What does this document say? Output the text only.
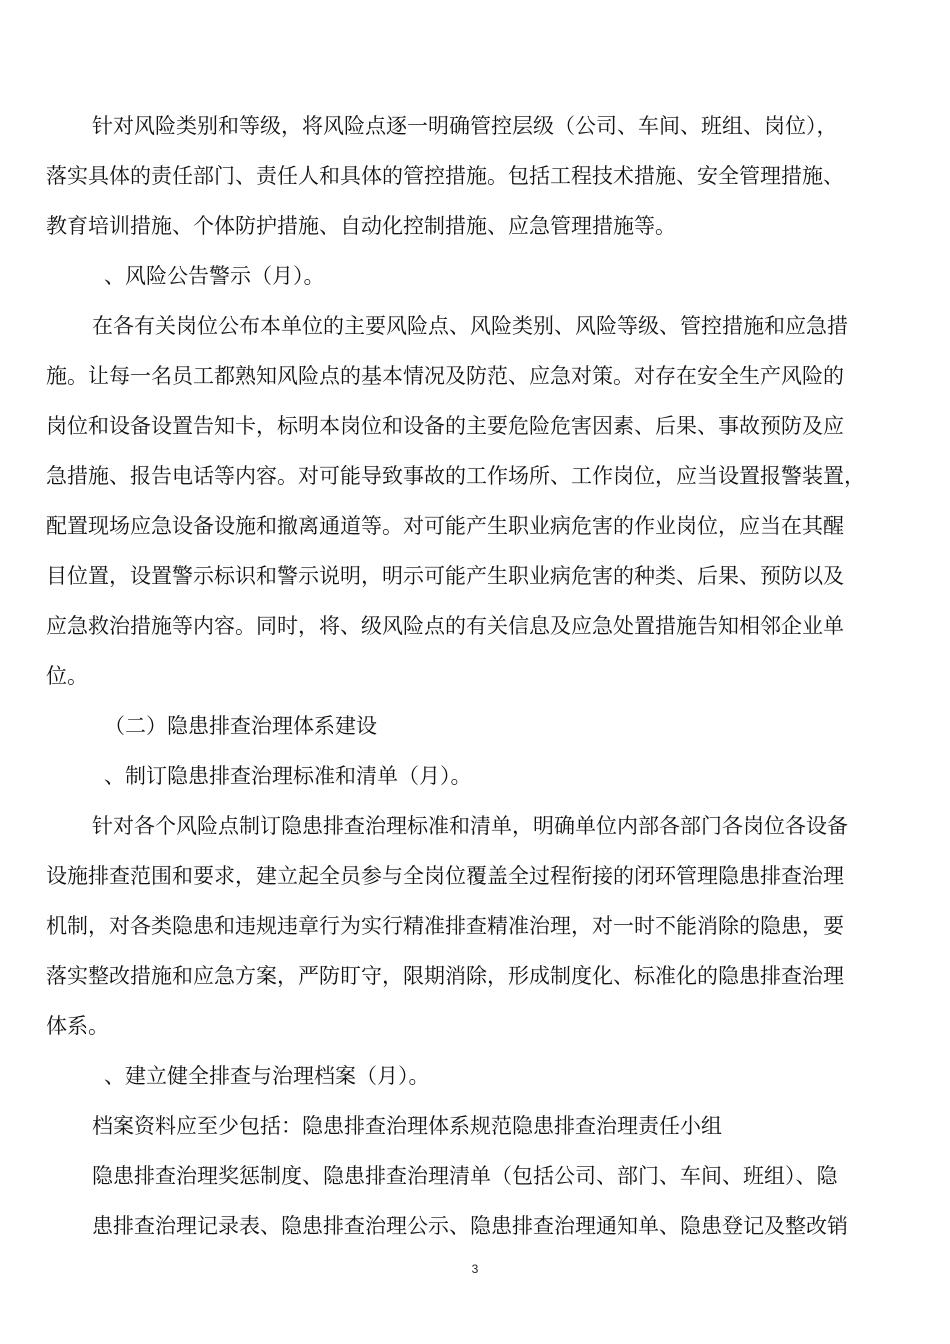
针对风险类别和等级，将风险点逐一明确管控层级（公司、车间、班组、岗位），
落实具体的责任部门、责任人和具体的管控措施。包括工程技术措施、安全管理措施、
教育培训措施、个体防护措施、自动化控制措施、应急管理措施等。
、风险公告警示（月）。
在各有关岗位公布本单位的主要风险点、风险类别、风险等级、管控措施和应急措
施。让每一名员工都熟知风险点的基本情况及防范、应急对策。对存在安全生产风险的
岗位和设备设置告知卡，标明本岗位和设备的主要危险危害因素、后果、事故预防及应
急措施、报告电话等内容。对可能导致事故的工作场所、工作岗位，应当设置报警装置，
配置现场应急设备设施和撤离通道等。对可能产生职业病危害的作业岗位，应当在其醒
目位置，设置警示标识和警示说明，明示可能产生职业病危害的种类、后果、预防以及
应急救治措施等内容。同时，将、级风险点的有关信息及应急处置措施告知相邻企业单
位。
（二）隐患排查治理体系建设
、制订隐患排查治理标准和清单（月）。
针对各个风险点制订隐患排查治理标准和清单，明确单位内部各部门各岗位各设备
设施排查范围和要求，建立起全员参与全岗位覆盖全过程衔接的闭环管理隐患排查治理
机制，对各类隐患和违规违章行为实行精准排查精准治理，对一时不能消除的隐患，要
落实整改措施和应急方案，严防盯守，限期消除，形成制度化、标准化的隐患排查治理
体系。
、建立健全排查与治理档案（月）。
档案资料应至少包括：隐患排查治理体系规范隐患排查治理责任小组
隐患排查治理奖惩制度、隐患排查治理清单（包括公司、部门、车间、班组）、隐
患排查治理记录表、隐患排查治理公示、隐患排查治理通知单、隐患登记及整改销
3
